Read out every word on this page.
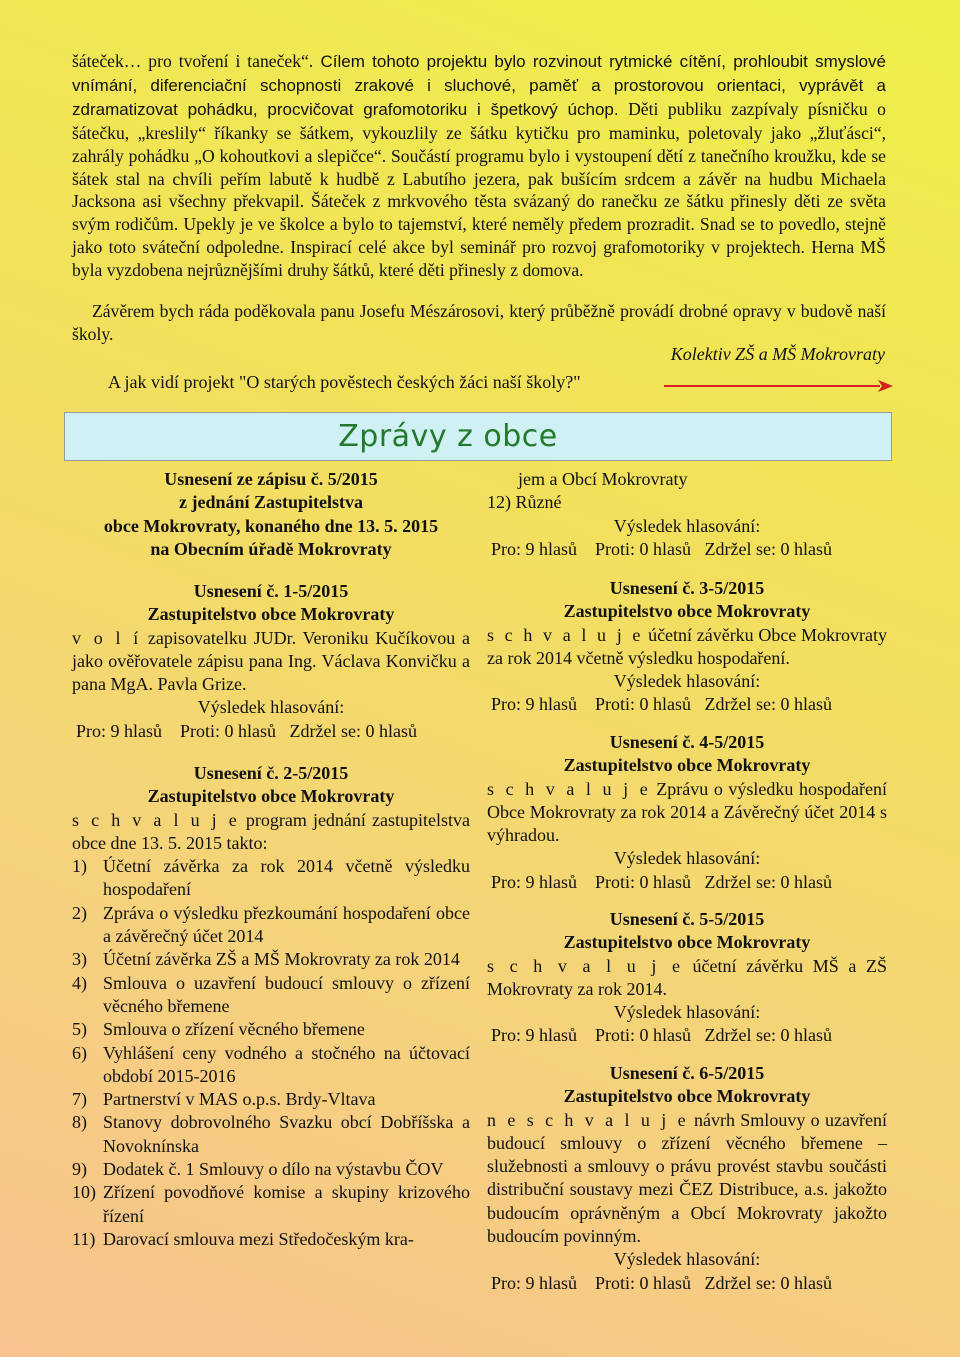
šáteček… pro tvoření i taneček“. Cílem tohoto projektu bylo rozvinout rytmické cítění, prohloubit smyslové vnímání, diferenciační schopnosti zrakové i sluchové, paměť a prostorovou orientaci, vyprávět a zdramatizovat pohádku, procvičovat grafomotoriku i špetkový úchop. Děti publiku zazpívaly písničku o šátečku, „kreslily“ říkanky se šátkem, vykouzlily ze šátku kytičku pro maminku, poletovaly jako „žluťásci“, zahrály pohádku „O kohoutkovi a slepičce“. Součástí programu bylo i vystoupení dětí z tanečního kroužku, kde se šátek stal na chvíli peřím labutě k hudbě z Labutího jezera, pak bušícím srdcem a závěr na hudbu Michaela Jacksona asi všechny překvapil. Šáteček z mrkvového těsta svázaný do ranečku ze šátku přinesly děti ze světa svým rodičům. Upekly je ve školce a bylo to tajemství, které neměly předem prozradit. Snad se to povedlo, stejně jako toto sváteční odpoledne. Inspirací celé akce byl seminář pro rozvoj grafomotoriky v projektech. Herna MŠ byla vyzdobena nejrůznějšími druhy šátků, které děti přinesly z domova.
Závěrem bych ráda poděkovala panu Josefu Mészárosovi, který průběžně provádí drobné opravy v budově naší školy.
Kolektiv ZŠ a MŠ Mokrovraty
A jak vidí projekt "O starých pověstech českých žáci naší školy?"
Zprávy z obce
Usnesení ze zápisu č. 5/2015
z jednání Zastupitelstva
obce Mokrovraty, konaného dne 13. 5. 2015
na Obecním úřadě Mokrovraty
Usnesení č. 1-5/2015
Zastupitelstvo obce Mokrovraty
v o l í zapisovatelku JUDr. Veroniku Kučíkovou a jako ověřovatele zápisu pana Ing. Václava Konvičku a pana MgA. Pavla Grize.
Výsledek hlasování:
Pro: 9 hlasů Proti: 0 hlasů Zdržel se: 0 hlasů
Usnesení č. 2-5/2015
Zastupitelstvo obce Mokrovraty
s c h v a l u j e program jednání zastupitelstva obce dne 13. 5. 2015 takto:
1) Účetní závěrka za rok 2014 včetně výsledku hospodaření
2) Zpráva o výsledku přezkoumání hospodaření obce a závěrečný účet 2014
3) Účetní závěrka ZŠ a MŠ Mokrovraty za rok 2014
4) Smlouva o uzavření budoucí smlouvy o zřízení věcného břemene
5) Smlouva o zřízení věcného břemene
6) Vyhlášení ceny vodného a stočného na účtovací období 2015-2016
7) Partnerství v MAS o.p.s. Brdy-Vltava
8) Stanovy dobrovolného Svazku obcí Dobříšska a Novoknínska
9) Dodatek č. 1 Smlouvy o dílo na výstavbu ČOV
10) Zřízení povodňové komise a skupiny krizového řízení
11) Darovací smlouva mezi Středočeským kra-
jem a Obcí Mokrovraty
12) Různé
Výsledek hlasování:
Pro: 9 hlasů Proti: 0 hlasů Zdržel se: 0 hlasů
Usnesení č. 3-5/2015
Zastupitelstvo obce Mokrovraty
s c h v a l u j e účetní závěrku Obce Mokrovraty za rok 2014 včetně výsledku hospodaření.
Výsledek hlasování:
Pro: 9 hlasů Proti: 0 hlasů Zdržel se: 0 hlasů
Usnesení č. 4-5/2015
Zastupitelstvo obce Mokrovraty
s c h v a l u j e Zprávu o výsledku hospodaření Obce Mokrovraty za rok 2014 a Závěrečný účet 2014 s výhradou.
Výsledek hlasování:
Pro: 9 hlasů Proti: 0 hlasů Zdržel se: 0 hlasů
Usnesení č. 5-5/2015
Zastupitelstvo obce Mokrovraty
s c h v a l u j e účetní závěrku MŠ a ZŠ Mokrovraty za rok 2014.
Výsledek hlasování:
Pro: 9 hlasů Proti: 0 hlasů Zdržel se: 0 hlasů
Usnesení č. 6-5/2015
Zastupitelstvo obce Mokrovraty
n e s c h v a l u j e návrh Smlouvy o uzavření budoucí smlouvy o zřízení věcného břemene – služebnosti a smlouvy o právu provést stavbu součásti distribuční soustavy mezi ČEZ Distribuce, a.s. jakožto budoucím oprávněným a Obcí Mokrovraty jakožto budoucím povinným.
Výsledek hlasování:
Pro: 9 hlasů Proti: 0 hlasů Zdržel se: 0 hlasů
